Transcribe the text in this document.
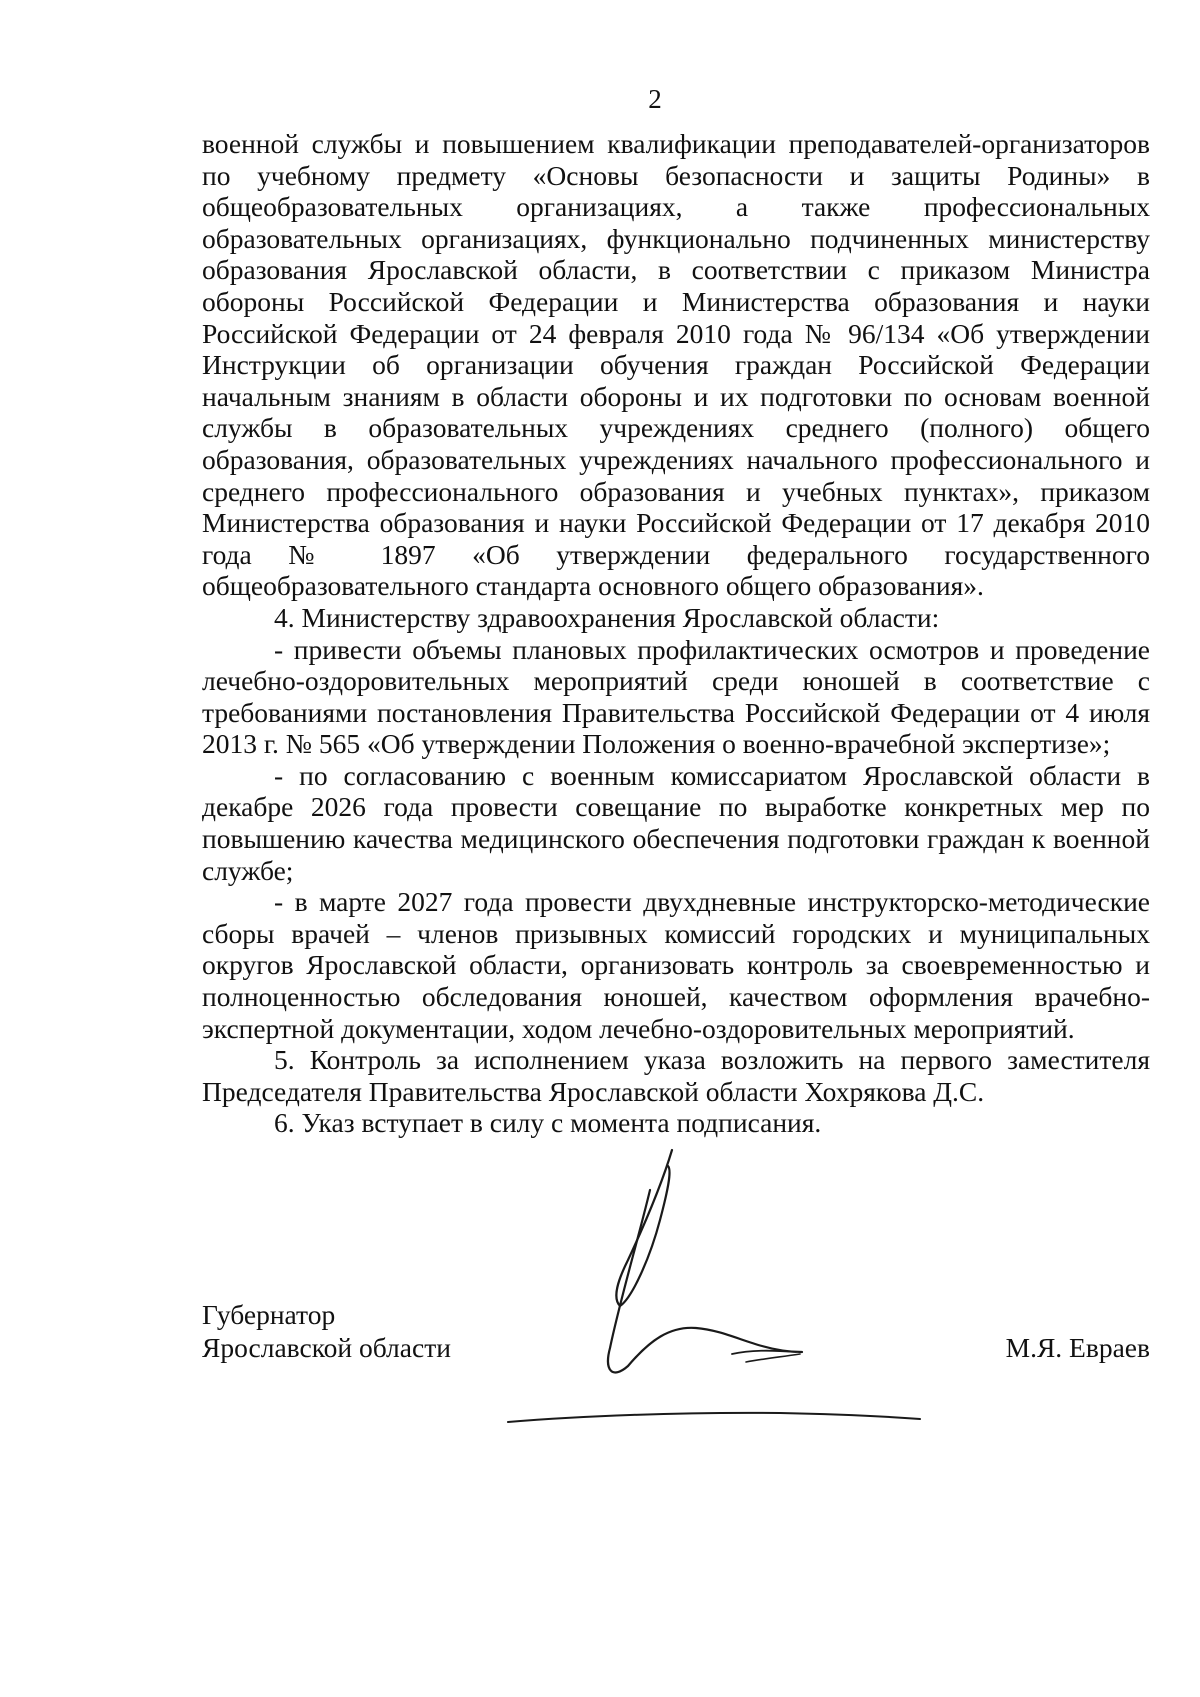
2

военной службы и повышением квалификации преподавателей-организаторов по учебному предмету «Основы безопасности и защиты Родины» в общеобразовательных организациях, а также профессиональных образовательных организациях, функционально подчиненных министерству образования Ярославской области, в соответствии с приказом Министра обороны Российской Федерации и Министерства образования и науки Российской Федерации от 24 февраля 2010 года № 96/134 «Об утверждении Инструкции об организации обучения граждан Российской Федерации начальным знаниям в области обороны и их подготовки по основам военной службы в образовательных учреждениях среднего (полного) общего образования, образовательных учреждениях начального профессионального и среднего профессионального образования и учебных пунктах», приказом Министерства образования и науки Российской Федерации от 17 декабря 2010 года № 1897 «Об утверждении федерального государственного общеобразовательного стандарта основного общего образования».

4. Министерству здравоохранения Ярославской области:

- привести объемы плановых профилактических осмотров и проведение лечебно-оздоровительных мероприятий среди юношей в соответствие с требованиями постановления Правительства Российской Федерации от 4 июля 2013 г. № 565 «Об утверждении Положения о военно-врачебной экспертизе»;

- по согласованию с военным комиссариатом Ярославской области в декабре 2026 года провести совещание по выработке конкретных мер по повышению качества медицинского обеспечения подготовки граждан к военной службе;

- в марте 2027 года провести двухдневные инструкторско-методические сборы врачей – членов призывных комиссий городских и муниципальных округов Ярославской области, организовать контроль за своевременностью и полноценностью обследования юношей, качеством оформления врачебно-экспертной документации, ходом лечебно-оздоровительных мероприятий.

5. Контроль за исполнением указа возложить на первого заместителя Председателя Правительства Ярославской области Хохрякова Д.С.

6. Указ вступает в силу с момента подписания.

Губернатор
Ярославской области	М.Я. Евраев
